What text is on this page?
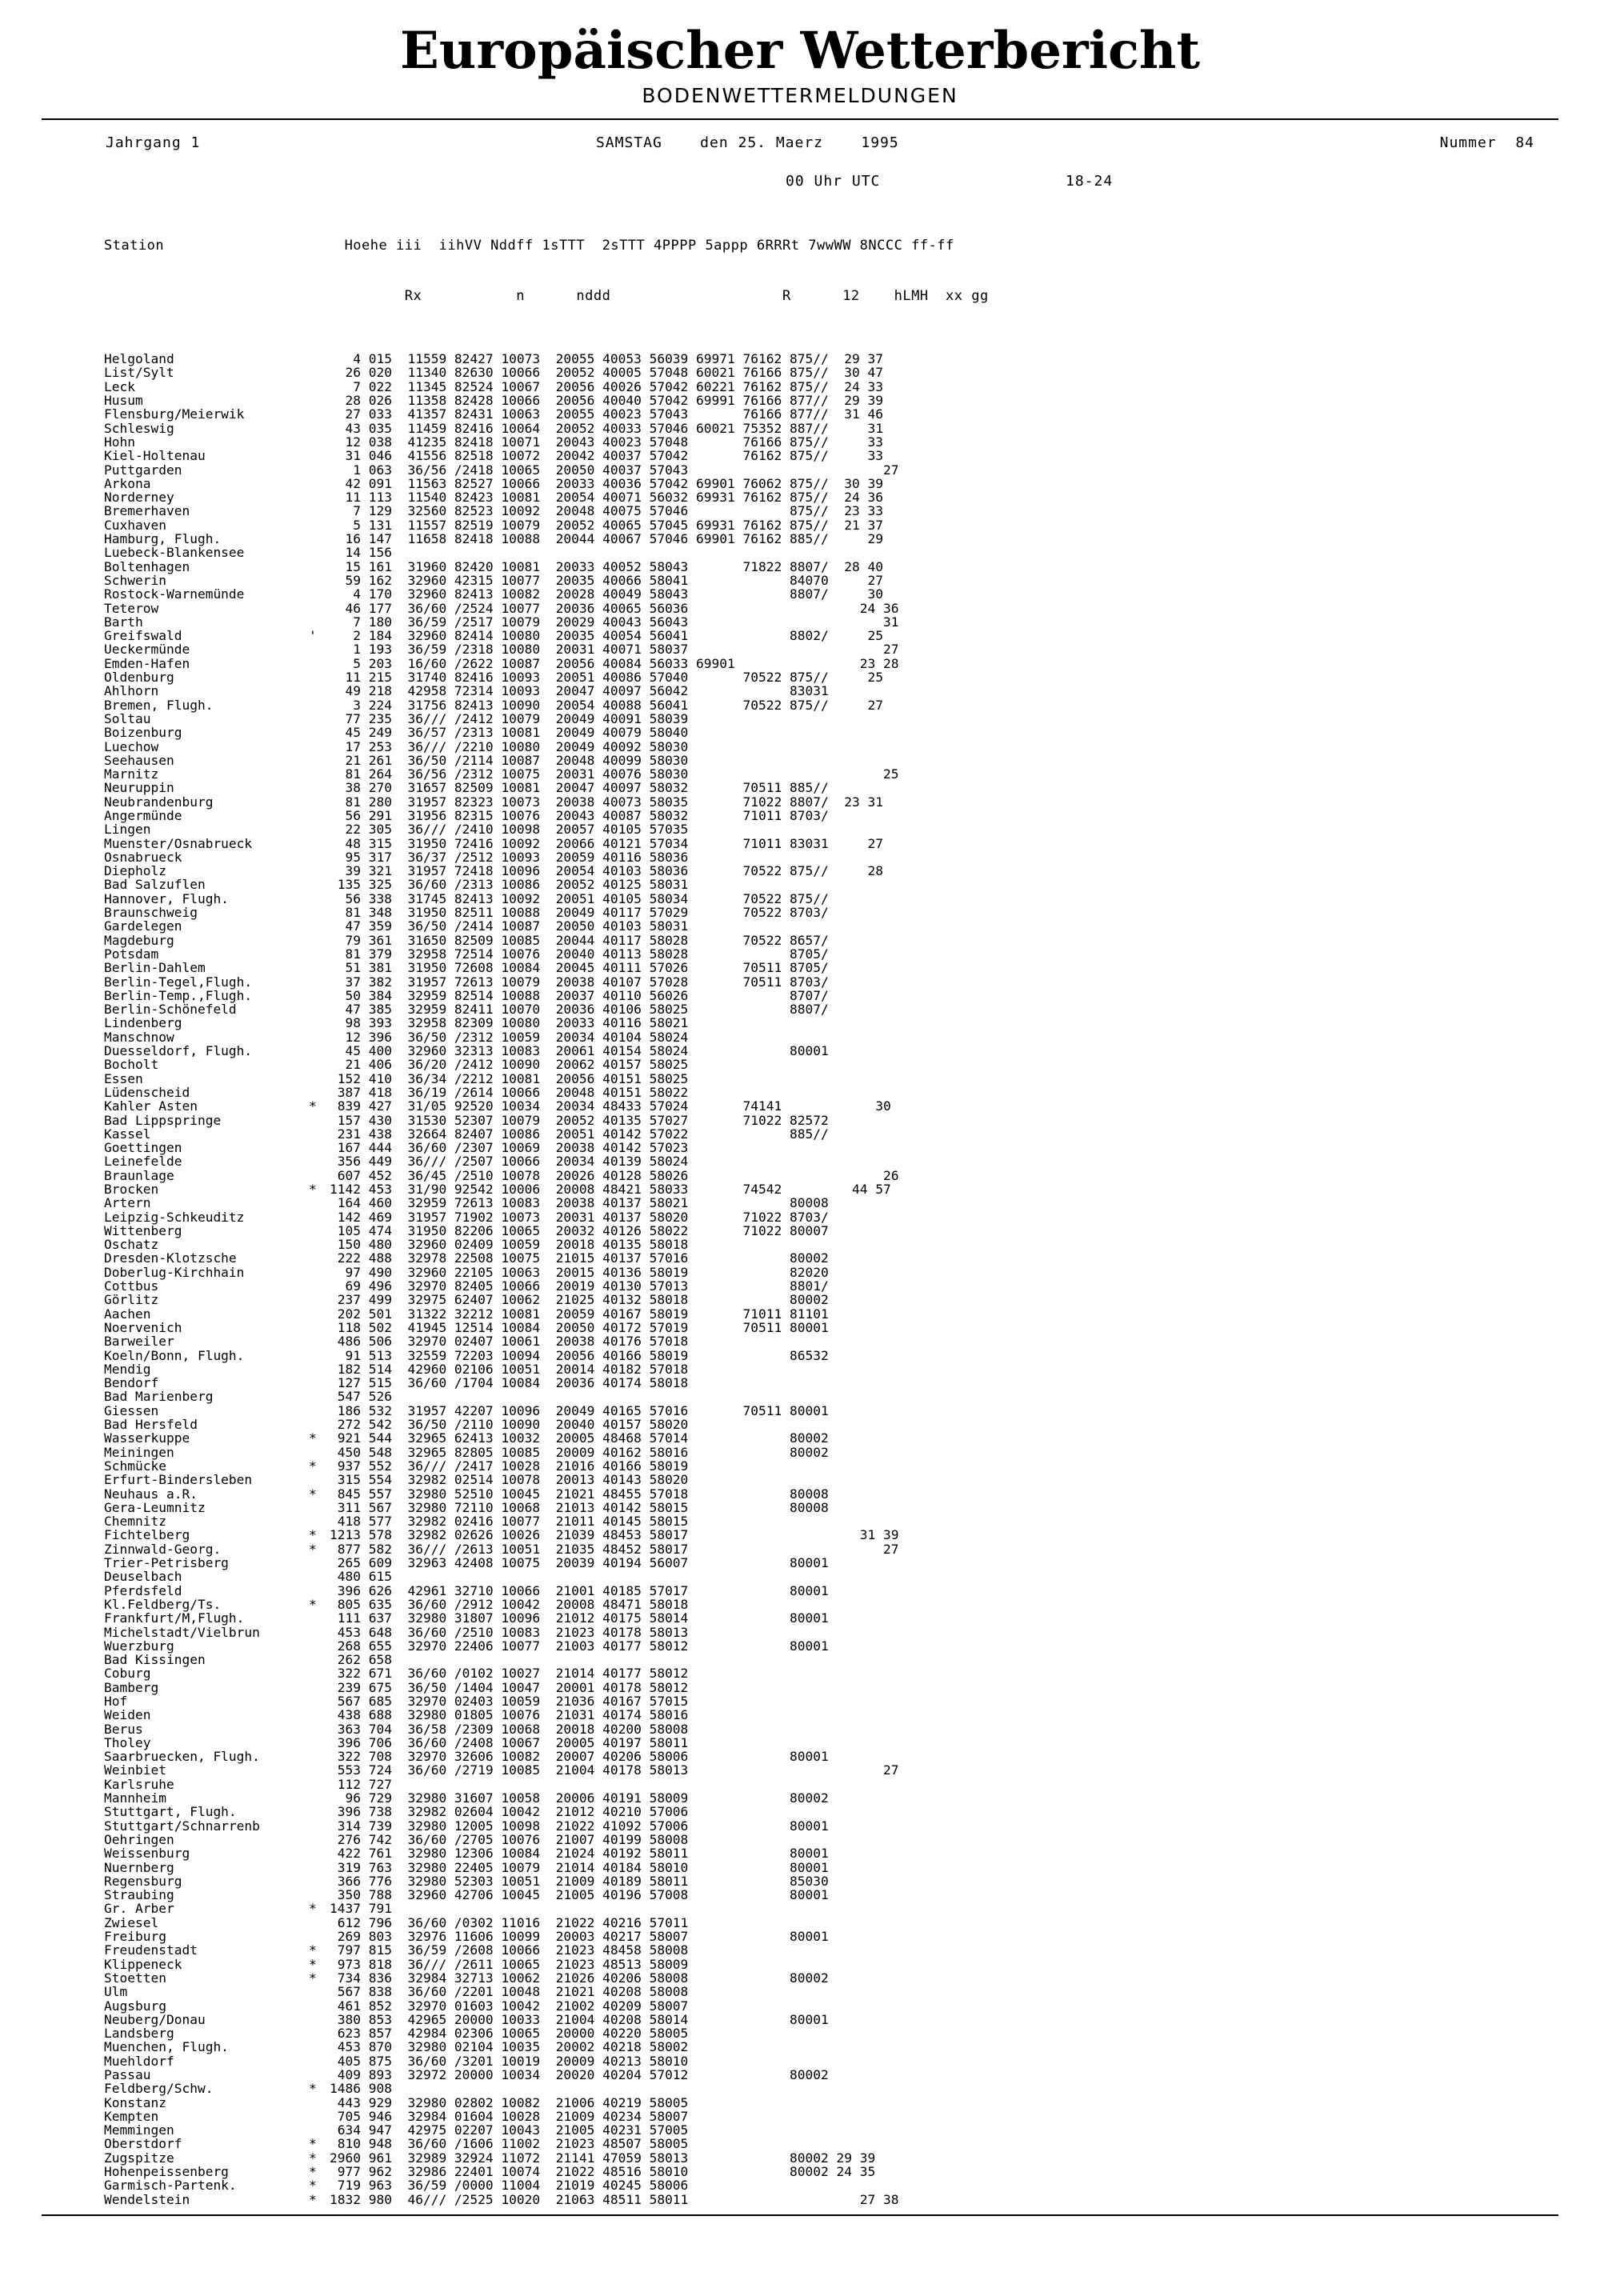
Europäischer Wetterbericht
BODENWETTERMELDUNGEN
Jahrgang 1	SAMSTAG    den 25. Maerz    1995	Nummer  84
00 Uhr UTC	18-24

Station                     Hoehe iii  iihVV Nddff 1sTTT  2sTTT 4PPPP 5appp 6RRRt 7wwWW 8NCCC ff-ff

Rx           n      nddd                    R      12    hLMH  xx gg

Helgoland	4 015  11559 82427 10073  20055 40053 56039 69971 76162 875//  29 37
List/Sylt	26 020  11340 82630 10066  20052 40005 57048 60021 76166 875//  30 47
Leck	7 022  11345 82524 10067  20056 40026 57042 60221 76162 875//  24 33
Husum	28 026  11358 82428 10066  20056 40040 57042 69991 76166 877//  29 39
Flensburg/Meierwik	27 033  41357 82431 10063  20055 40023 57043       76166 877//  31 46
Schleswig	43 035  11459 82416 10064  20052 40033 57046 60021 75352 887//     31
Hohn	12 038  41235 82418 10071  20043 40023 57048       76166 875//     33
Kiel-Holtenau	31 046  41556 82518 10072  20042 40037 57042       76162 875//     33
Puttgarden	1 063  36/56 /2418 10065  20050 40037 57043                         27
Arkona	42 091  11563 82527 10066  20033 40036 57042 69901 76062 875//  30 39
Norderney	11 113  11540 82423 10081  20054 40071 56032 69931 76162 875//  24 36
Bremerhaven	7 129  32560 82523 10092  20048 40075 57046             875//  23 33
Cuxhaven	5 131  11557 82519 10079  20052 40065 57045 69931 76162 875//  21 37
Hamburg, Flugh.	16 147  11658 82418 10088  20044 40067 57046 69901 76162 885//     29
Luebeck-Blankensee	14 156
Boltenhagen	15 161  31960 82420 10081  20033 40052 58043       71822 8807/  28 40
Schwerin	59 162  32960 42315 10077  20035 40066 58041             84070     27
Rostock-Warnemünde	4 170  32960 82413 10082  20028 40049 58043             8807/     30
Teterow	46 177  36/60 /2524 10077  20036 40065 56036                      24 36
Barth	7 180  36/59 /2517 10079  20029 40043 56043                         31
Greifswald	'   2 184  32960 82414 10080  20035 40054 56041             8802/     25
Ueckermünde	1 193  36/59 /2318 10080  20031 40071 58037                         27
Emden-Hafen	5 203  16/60 /2622 10087  20056 40084 56033 69901                23 28
Oldenburg	11 215  31740 82416 10093  20051 40086 57040       70522 875//     25
Ahlhorn	49 218  42958 72314 10093  20047 40097 56042             83031
Bremen, Flugh.	3 224  31756 82413 10090  20054 40088 56041       70522 875//     27
Soltau	77 235  36/// /2412 10079  20049 40091 58039
Boizenburg	45 249  36/57 /2313 10081  20049 40079 58040
Luechow	17 253  36/// /2210 10080  20049 40092 58030
Seehausen	21 261  36/50 /2114 10087  20048 40099 58030
Marnitz	81 264  36/56 /2312 10075  20031 40076 58030                         25
Neuruppin	38 270  31657 82509 10081  20047 40097 58032       70511 885//
Neubrandenburg	81 280  31957 82323 10073  20038 40073 58035       71022 8807/  23 31
Angermünde	56 291  31956 82315 10076  20043 40087 58032       71011 8703/
Lingen	22 305  36/// /2410 10098  20057 40105 57035
Muenster/Osnabrueck	48 315  31950 72416 10092  20066 40121 57034       71011 83031     27
Osnabrueck	95 317  36/37 /2512 10093  20059 40116 58036
Diepholz	39 321  31957 72418 10096  20054 40103 58036       70522 875//     28
Bad Salzuflen	135 325  36/60 /2313 10086  20052 40125 58031
Hannover, Flugh.	56 338  31745 82413 10092  20051 40105 58034       70522 875//
Braunschweig	81 348  31950 82511 10088  20049 40117 57029       70522 8703/
Gardelegen	47 359  36/50 /2414 10087  20050 40103 58031
Magdeburg	79 361  31650 82509 10085  20044 40117 58028       70522 8657/
Potsdam	81 379  32958 72514 10076  20040 40113 58028             8705/
Berlin-Dahlem	51 381  31950 72608 10084  20045 40111 57026       70511 8705/
Berlin-Tegel,Flugh.	37 382  31957 72613 10079  20038 40107 57028       70511 8703/
Berlin-Temp.,Flugh.	50 384  32959 82514 10088  20037 40110 56026             8707/
Berlin-Schönefeld	47 385  32959 82411 10070  20036 40106 58025             8807/
Lindenberg	98 393  32958 82309 10080  20033 40116 58021
Manschnow	12 396  36/50 /2312 10059  20034 40104 58024
Duesseldorf, Flugh.	45 400  32960 32313 10083  20061 40154 58024             80001
Bocholt	21 406  36/20 /2412 10090  20062 40157 58025
Essen	152 410  36/34 /2212 10081  20056 40151 58025
Lüdenscheid	387 418  36/19 /2614 10066  20048 40151 58022
Kahler Asten	* 839 427  31/05 92520 10034  20034 48433 57024       74141            30
Bad Lippspringe	157 430  31530 52307 10079  20052 40135 57027       71022 82572
Kassel	231 438  32664 82407 10086  20051 40142 57022             885//
Goettingen	167 444  36/60 /2307 10069  20038 40142 57023
Leinefelde	356 449  36/// /2507 10066  20034 40139 58024
Braunlage	607 452  36/45 /2510 10078  20026 40128 58026                         26
Brocken	* 1142 453  31/90 92542 10006  20008 48421 58033       74542         44 57
Artern	164 460  32959 72613 10083  20038 40137 58021             80008
Leipzig-Schkeuditz	142 469  31957 71902 10073  20031 40137 58020       71022 8703/
Wittenberg	105 474  31950 82206 10065  20032 40126 58022       71022 80007
Oschatz	150 480  32960 02409 10059  20018 40135 58018
Dresden-Klotzsche	222 488  32978 22508 10075  21015 40137 57016             80002
Doberlug-Kirchhain	97 490  32960 22105 10063  20015 40136 58019             82020
Cottbus	69 496  32970 82405 10066  20019 40130 57013             8801/
Görlitz	237 499  32975 62407 10062  21025 40132 58018             80002
Aachen	202 501  31322 32212 10081  20059 40167 58019       71011 81101
Noervenich	118 502  41945 12514 10084  20050 40172 57019       70511 80001
Barweiler	486 506  32970 02407 10061  20038 40176 57018
Koeln/Bonn, Flugh.	91 513  32559 72203 10094  20056 40166 58019             86532
Mendig	182 514  42960 02106 10051  20014 40182 57018
Bendorf	127 515  36/60 /1704 10084  20036 40174 58018
Bad Marienberg	547 526
Giessen	186 532  31957 42207 10096  20049 40165 57016       70511 80001
Bad Hersfeld	272 542  36/50 /2110 10090  20040 40157 58020
Wasserkuppe	* 921 544  32965 62413 10032  20005 48468 57014             80002
Meiningen	450 548  32965 82805 10085  20009 40162 58016             80002
Schmücke	* 937 552  36/// /2417 10028  21016 40166 58019
Erfurt-Bindersleben	315 554  32982 02514 10078  20013 40143 58020
Neuhaus a.R.	* 845 557  32980 52510 10045  21021 48455 57018             80008
Gera-Leumnitz	311 567  32980 72110 10068  21013 40142 58015             80008
Chemnitz	418 577  32982 02416 10077  21011 40145 58015
Fichtelberg	* 1213 578  32982 02626 10026  21039 48453 58017                      31 39
Zinnwald-Georg.	* 877 582  36/// /2613 10051  21035 48452 58017                         27
Trier-Petrisberg	265 609  32963 42408 10075  20039 40194 56007             80001
Deuselbach	480 615
Pferdsfeld	396 626  42961 32710 10066  21001 40185 57017             80001
Kl.Feldberg/Ts.	* 805 635  36/60 /2912 10042  20008 48471 58018
Frankfurt/M,Flugh.	111 637  32980 31807 10096  21012 40175 58014             80001
Michelstadt/Vielbrun	453 648  36/60 /2510 10083  21023 40178 58013
Wuerzburg	268 655  32970 22406 10077  21003 40177 58012             80001
Bad Kissingen	262 658
Coburg	322 671  36/60 /0102 10027  21014 40177 58012
Bamberg	239 675  36/50 /1404 10047  20001 40178 58012
Hof	567 685  32970 02403 10059  21036 40167 57015
Weiden	438 688  32980 01805 10076  21031 40174 58016
Berus	363 704  36/58 /2309 10068  20018 40200 58008
Tholey	396 706  36/60 /2408 10067  20005 40197 58011
Saarbruecken, Flugh.	322 708  32970 32606 10082  20007 40206 58006             80001
Weinbiet	553 724  36/60 /2719 10085  21004 40178 58013                         27
Karlsruhe	112 727
Mannheim	96 729  32980 31607 10058  20006 40191 58009             80002
Stuttgart, Flugh.	396 738  32982 02604 10042  21012 40210 57006
Stuttgart/Schnarrenb	314 739  32980 12005 10098  21022 41092 57006             80001
Oehringen	276 742  36/60 /2705 10076  21007 40199 58008
Weissenburg	422 761  32980 12306 10084  21024 40192 58011             80001
Nuernberg	319 763  32980 22405 10079  21014 40184 58010             80001
Regensburg	366 776  32980 52303 10051  21009 40189 58011             85030
Straubing	350 788  32960 42706 10045  21005 40196 57008             80001
Gr. Arber	* 1437 791
Zwiesel	612 796  36/60 /0302 11016  21022 40216 57011
Freiburg	269 803  32976 11606 10099  20003 40217 58007             80001
Freudenstadt	* 797 815  36/59 /2608 10066  21023 48458 58008
Klippeneck	* 973 818  36/// /2611 10065  21023 48513 58009
Stoetten	* 734 836  32984 32713 10062  21026 40206 58008             80002
Ulm	567 838  36/60 /2201 10048  21021 40208 58008
Augsburg	461 852  32970 01603 10042  21002 40209 58007
Neuberg/Donau	380 853  42965 20000 10033  21004 40208 58014             80001
Landsberg	623 857  42984 02306 10065  20000 40220 58005
Muenchen, Flugh.	453 870  32980 02104 10035  20002 40218 58002
Muehldorf	405 875  36/60 /3201 10019  20009 40213 58010
Passau	409 893  32972 20000 10034  20020 40204 57012             80002
Feldberg/Schw.	* 1486 908
Konstanz	443 929  32980 02802 10082  21006 40219 58005
Kempten	705 946  32984 01604 10028  21009 40234 58007
Memmingen	634 947  42975 02207 10043  21005 40231 57005
Oberstdorf	* 810 948  36/60 /1606 11002  21023 48507 58005
Zugspitze	* 2960 961  32989 32924 11072  21141 47059 58013             80002 29 39
Hohenpeissenberg	* 977 962  32986 22401 10074  21022 48516 58010             80002 24 35
Garmisch-Partenk.	* 719 963  36/59 /0000 11004  21019 40245 58006
Wendelstein	* 1832 980  46/// /2525 10020  21063 48511 58011                      27 38
